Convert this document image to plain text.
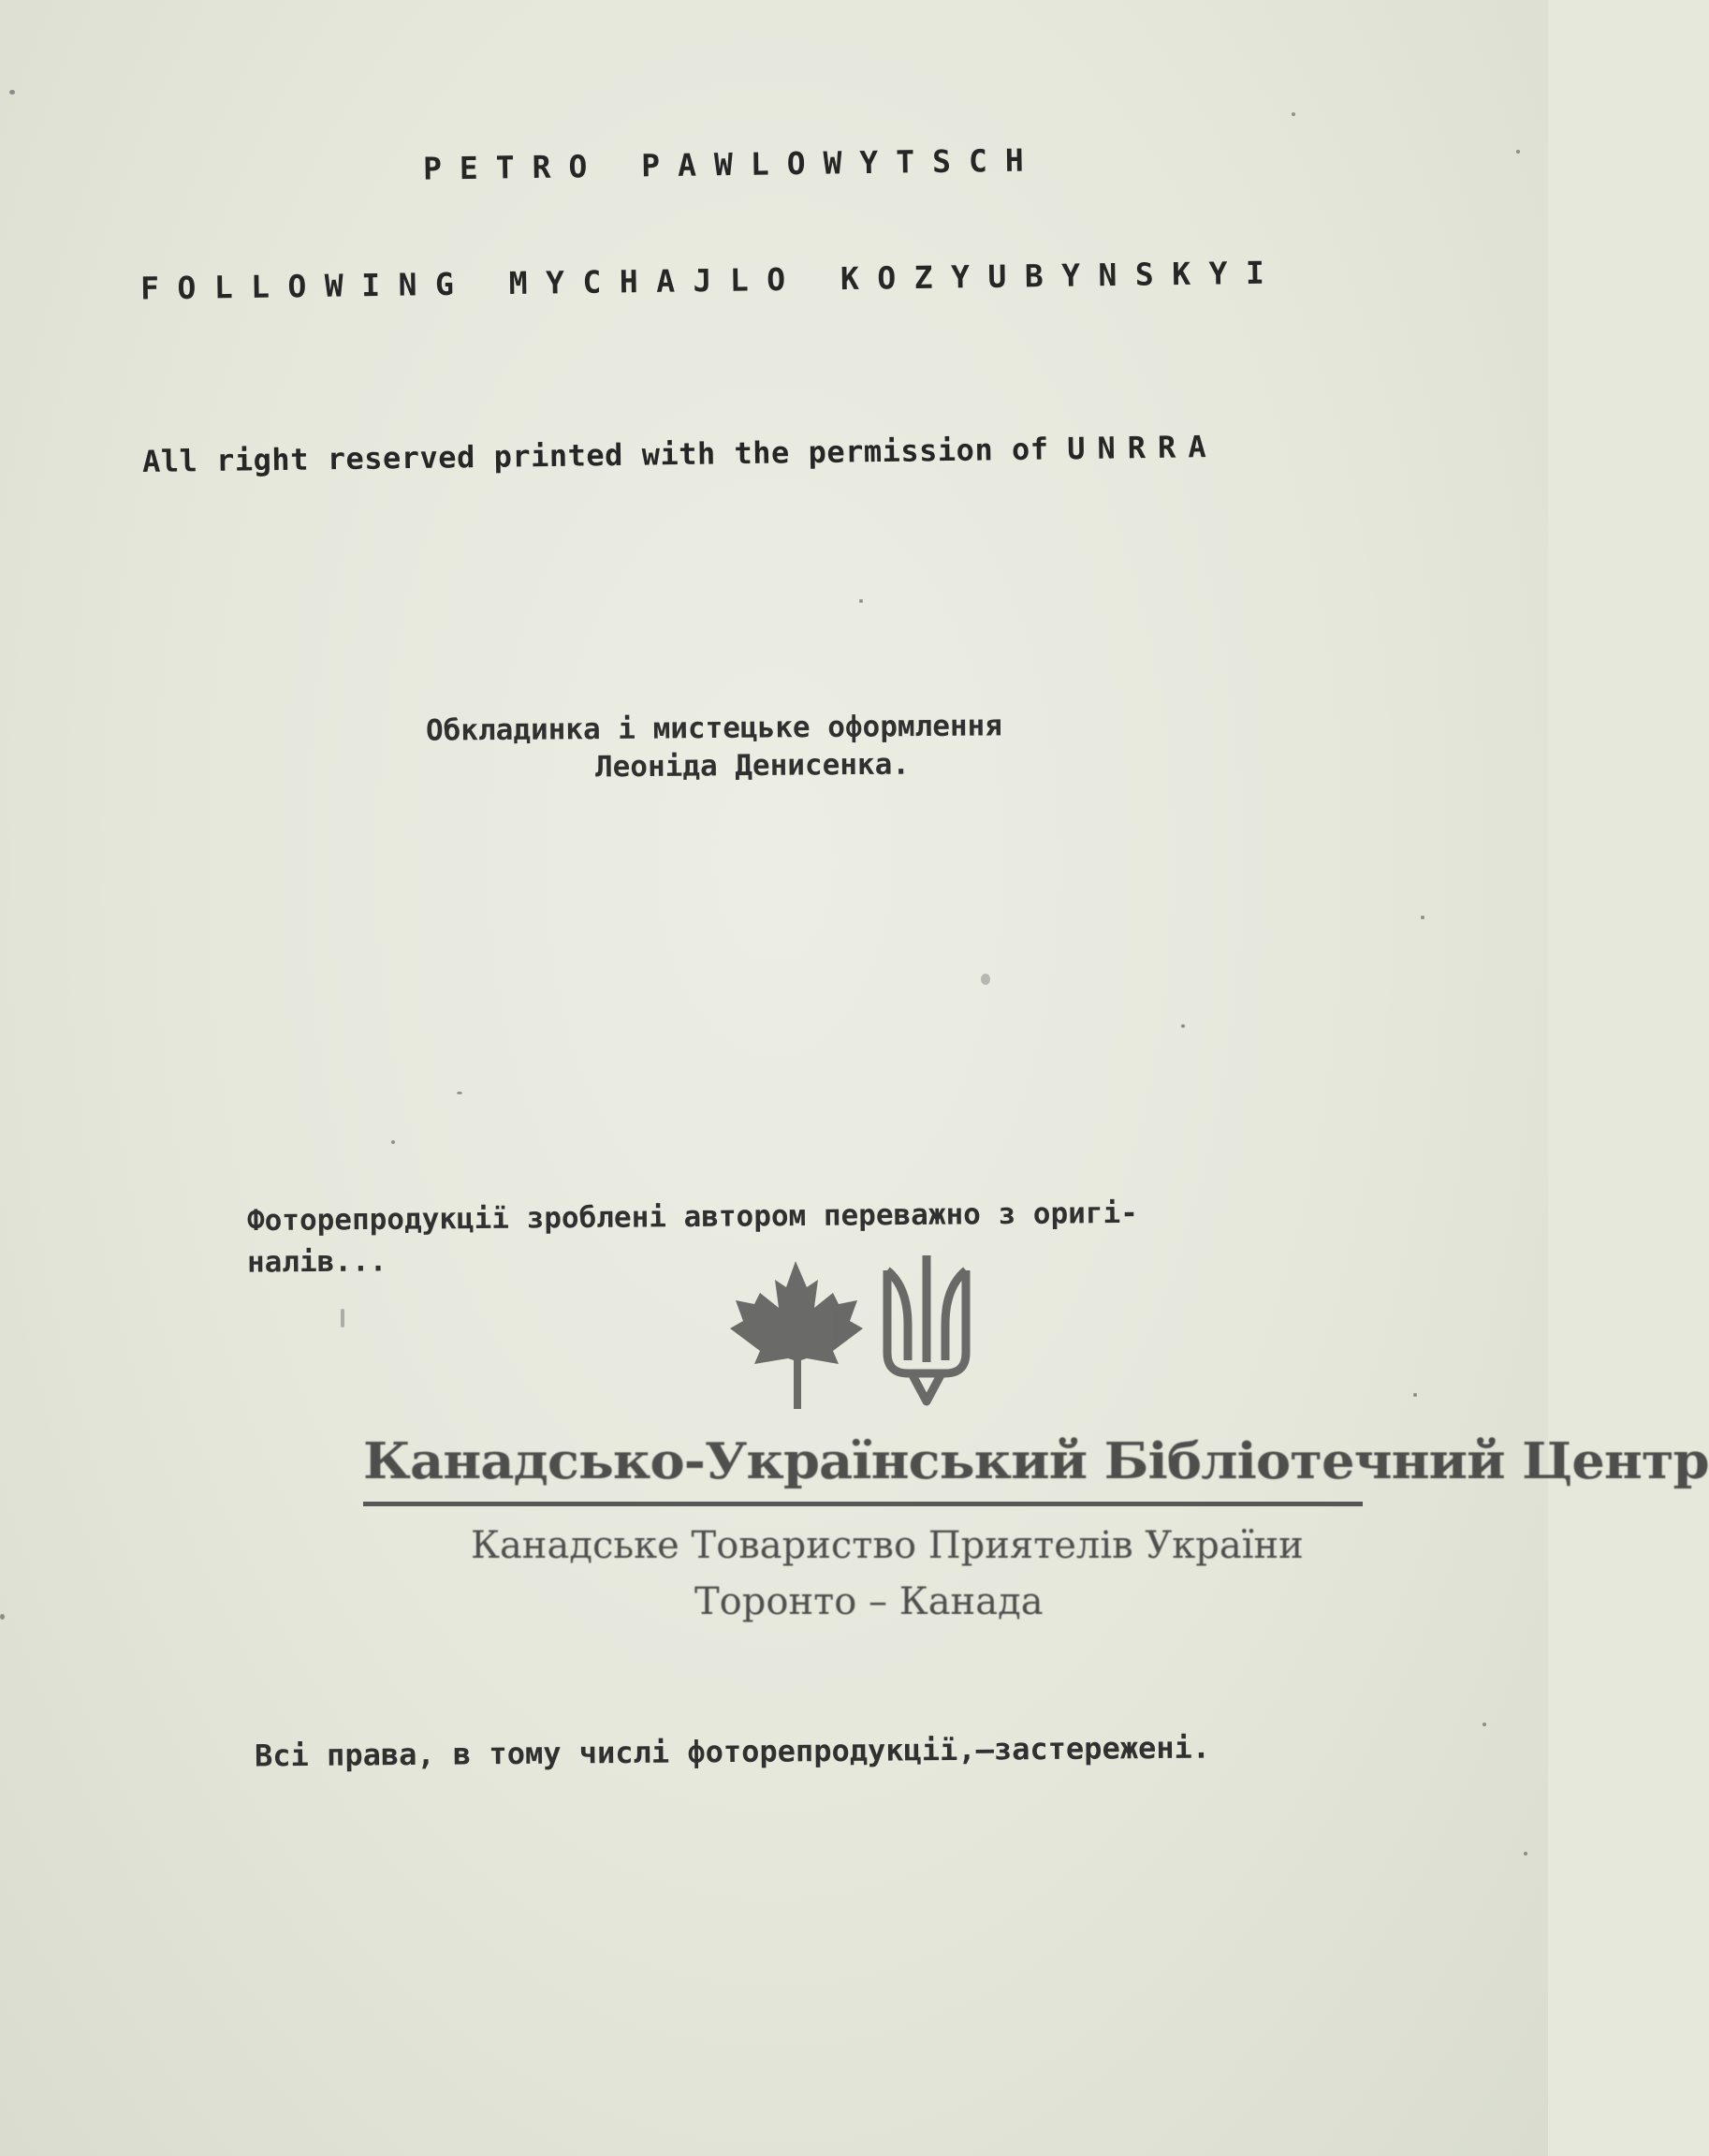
PETRO PAWLOWYTSCH
FOLLOWING MYCHAJLO KOZYUBYNSKYI
All right reserved printed with the permission of UNRRA
Обкладинка і мистецьке оформлення
Леоніда Денисенка.
Фоторепродукції зроблені автором переважно з оригі-
налів...
Канадсько-Український Бібліотечний Центр
Канадське Товариство Приятелів України
Торонто – Канада
Всі права, в тому числі фоторепродукції,—застережені.
